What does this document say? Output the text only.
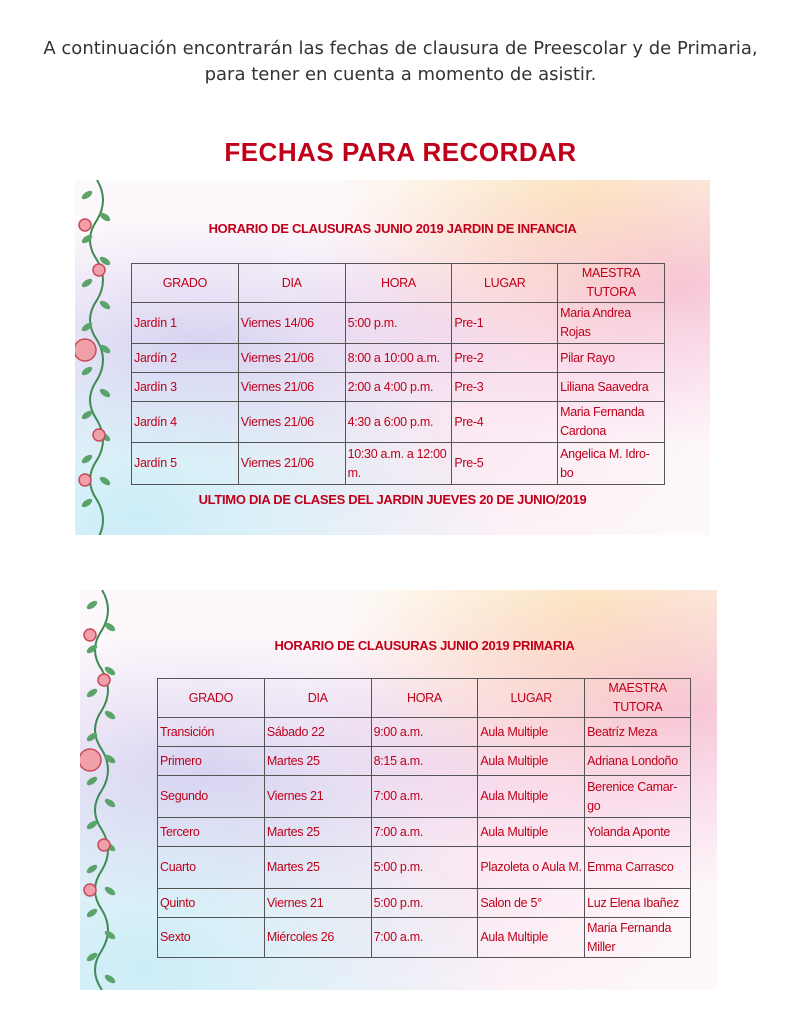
A continuación encontrarán las fechas de clausura de Preescolar y de Primaria,
para tener en cuenta a momento de asistir.
FECHAS PARA RECORDAR
HORARIO DE CLAUSURAS JUNIO 2019 JARDIN DE INFANCIA
GRADO	DIA	HORA	LUGAR	MAESTRA TUTORA
Jardín 1	Viernes 14/06	5:00 p.m.	Pre-1	Maria Andrea Rojas
Jardín 2	Viernes 21/06	8:00 a 10:00 a.m.	Pre-2	Pilar Rayo
Jardín 3	Viernes 21/06	2:00 a 4:00 p.m.	Pre-3	Liliana Saavedra
Jardín 4	Viernes 21/06	4:30 a 6:00 p.m.	Pre-4	Maria Fernanda Cardona
Jardín 5	Viernes 21/06	10:30 a.m. a 12:00 m.	Pre-5	Angelica M. Idro-bo
ULTIMO DIA DE CLASES DEL JARDIN JUEVES 20 DE JUNIO/2019
HORARIO DE CLAUSURAS JUNIO 2019 PRIMARIA
GRADO	DIA	HORA	LUGAR	MAESTRA TUTORA
Transición	Sábado 22	9:00 a.m.	Aula Multiple	Beatríz Meza
Primero	Martes 25	8:15 a.m.	Aula Multiple	Adriana Londoño
Segundo	Viernes 21	7:00 a.m.	Aula Multiple	Berenice Camar-go
Tercero	Martes 25	7:00 a.m.	Aula Multiple	Yolanda Aponte
Cuarto	Martes 25	5:00 p.m.	Plazoleta o Aula M.	Emma Carrasco
Quinto	Viernes 21	5:00 p.m.	Salon de 5°	Luz Elena Ibañez
Sexto	Miércoles 26	7:00 a.m.	Aula Multiple	Maria Fernanda Miller
